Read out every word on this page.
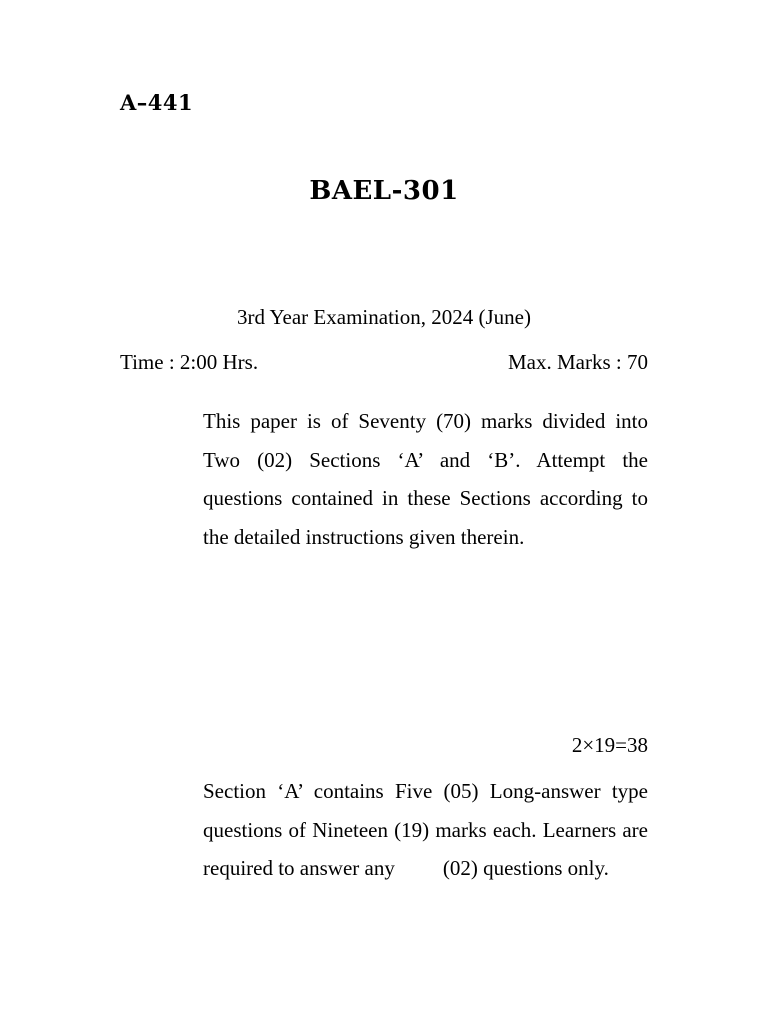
A–441
BAEL-301
3rd Year Examination, 2024 (June)
Time : 2:00 Hrs.	Max. Marks : 70

This paper is of Seventy (70) marks divided into Two (02) Sections ‘A’ and ‘B’. Attempt the questions contained in these Sections according to the detailed instructions given therein.

2×19=38

Section ‘A’ contains Five (05) Long-answer type questions of Nineteen (19) marks each. Learners are required to answer any (02) questions only.
